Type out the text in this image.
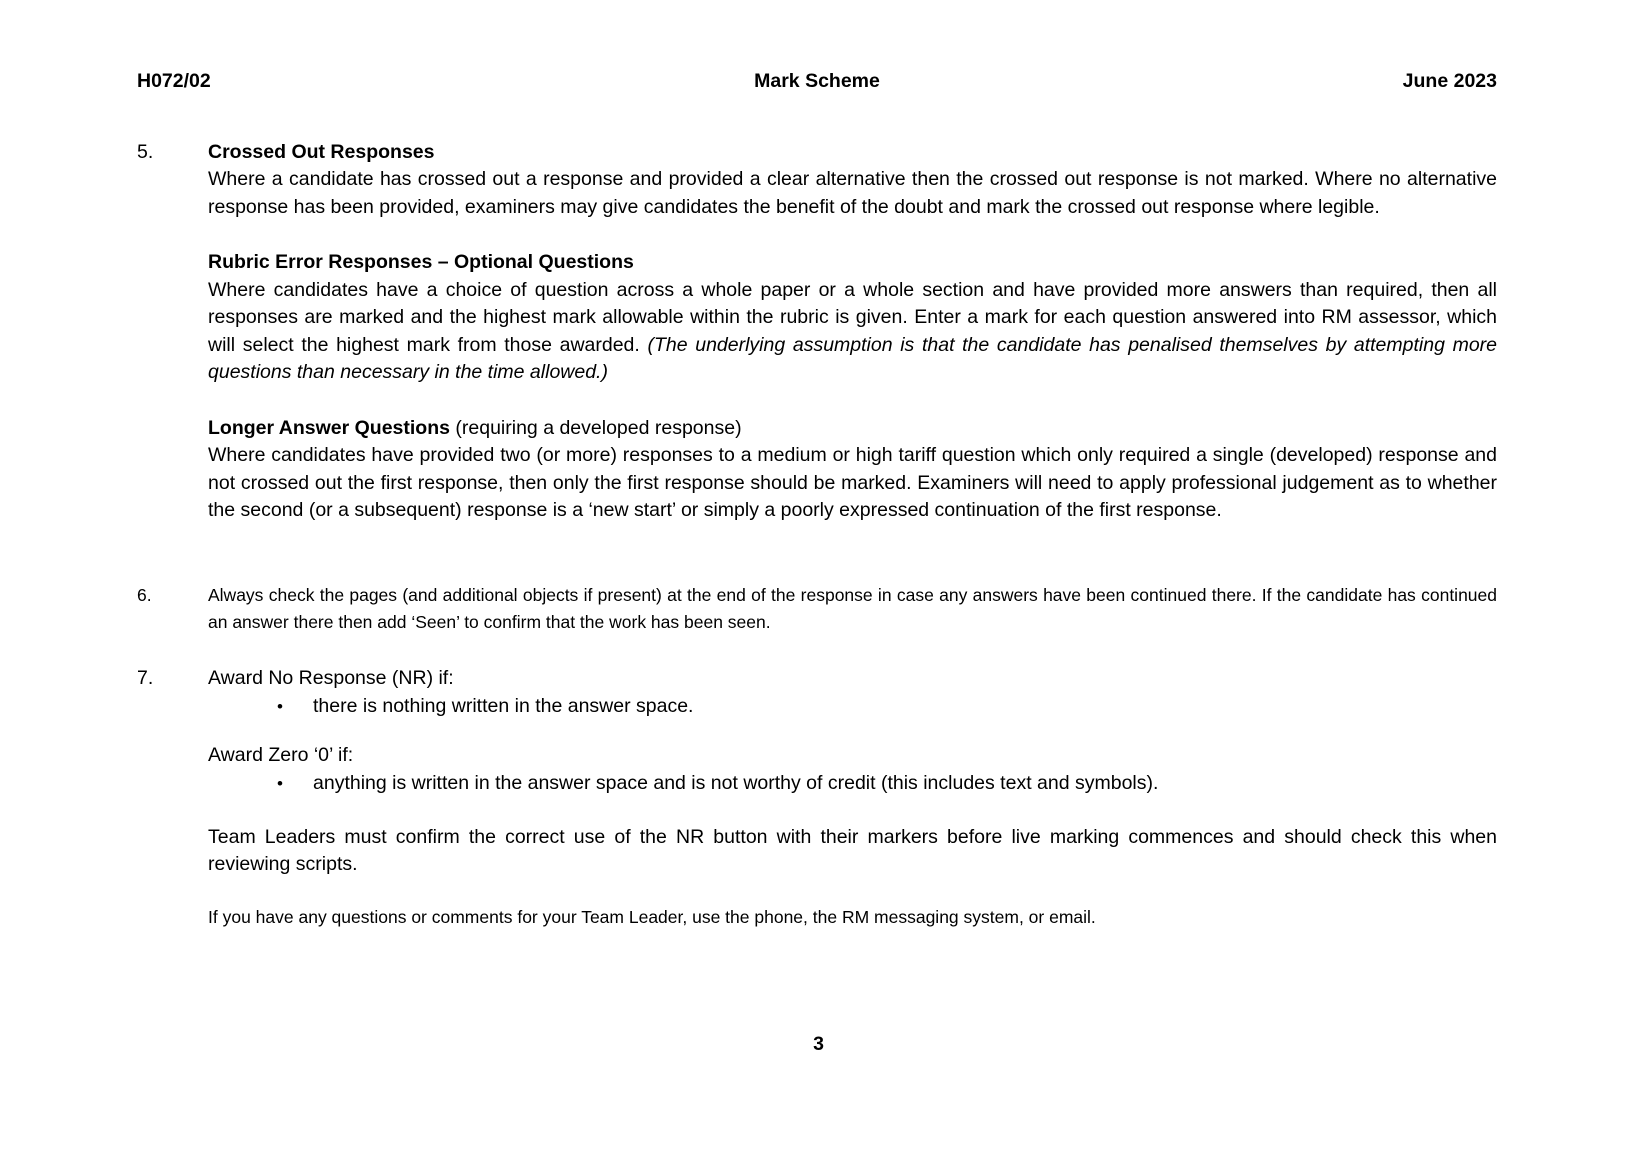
H072/02	Mark Scheme	June 2023
5.	Crossed Out Responses

Where a candidate has crossed out a response and provided a clear alternative then the crossed out response is not marked. Where no alternative response has been provided, examiners may give candidates the benefit of the doubt and mark the crossed out response where legible.

Rubric Error Responses – Optional Questions

Where candidates have a choice of question across a whole paper or a whole section and have provided more answers than required, then all responses are marked and the highest mark allowable within the rubric is given. Enter a mark for each question answered into RM assessor, which will select the highest mark from those awarded. (The underlying assumption is that the candidate has penalised themselves by attempting more questions than necessary in the time allowed.)

Longer Answer Questions (requiring a developed response)

Where candidates have provided two (or more) responses to a medium or high tariff question which only required a single (developed) response and not crossed out the first response, then only the first response should be marked. Examiners will need to apply professional judgement as to whether the second (or a subsequent) response is a ‘new start’ or simply a poorly expressed continuation of the first response.

6.	Always check the pages (and additional objects if present) at the end of the response in case any answers have been continued there. If the candidate has continued an answer there then add ‘Seen’ to confirm that the work has been seen.

7.	Award No Response (NR) if:

•	there is nothing written in the answer space.

Award Zero ‘0’ if:

•	anything is written in the answer space and is not worthy of credit (this includes text and symbols).

Team Leaders must confirm the correct use of the NR button with their markers before live marking commences and should check this when reviewing scripts.

If you have any questions or comments for your Team Leader, use the phone, the RM messaging system, or email.

3
